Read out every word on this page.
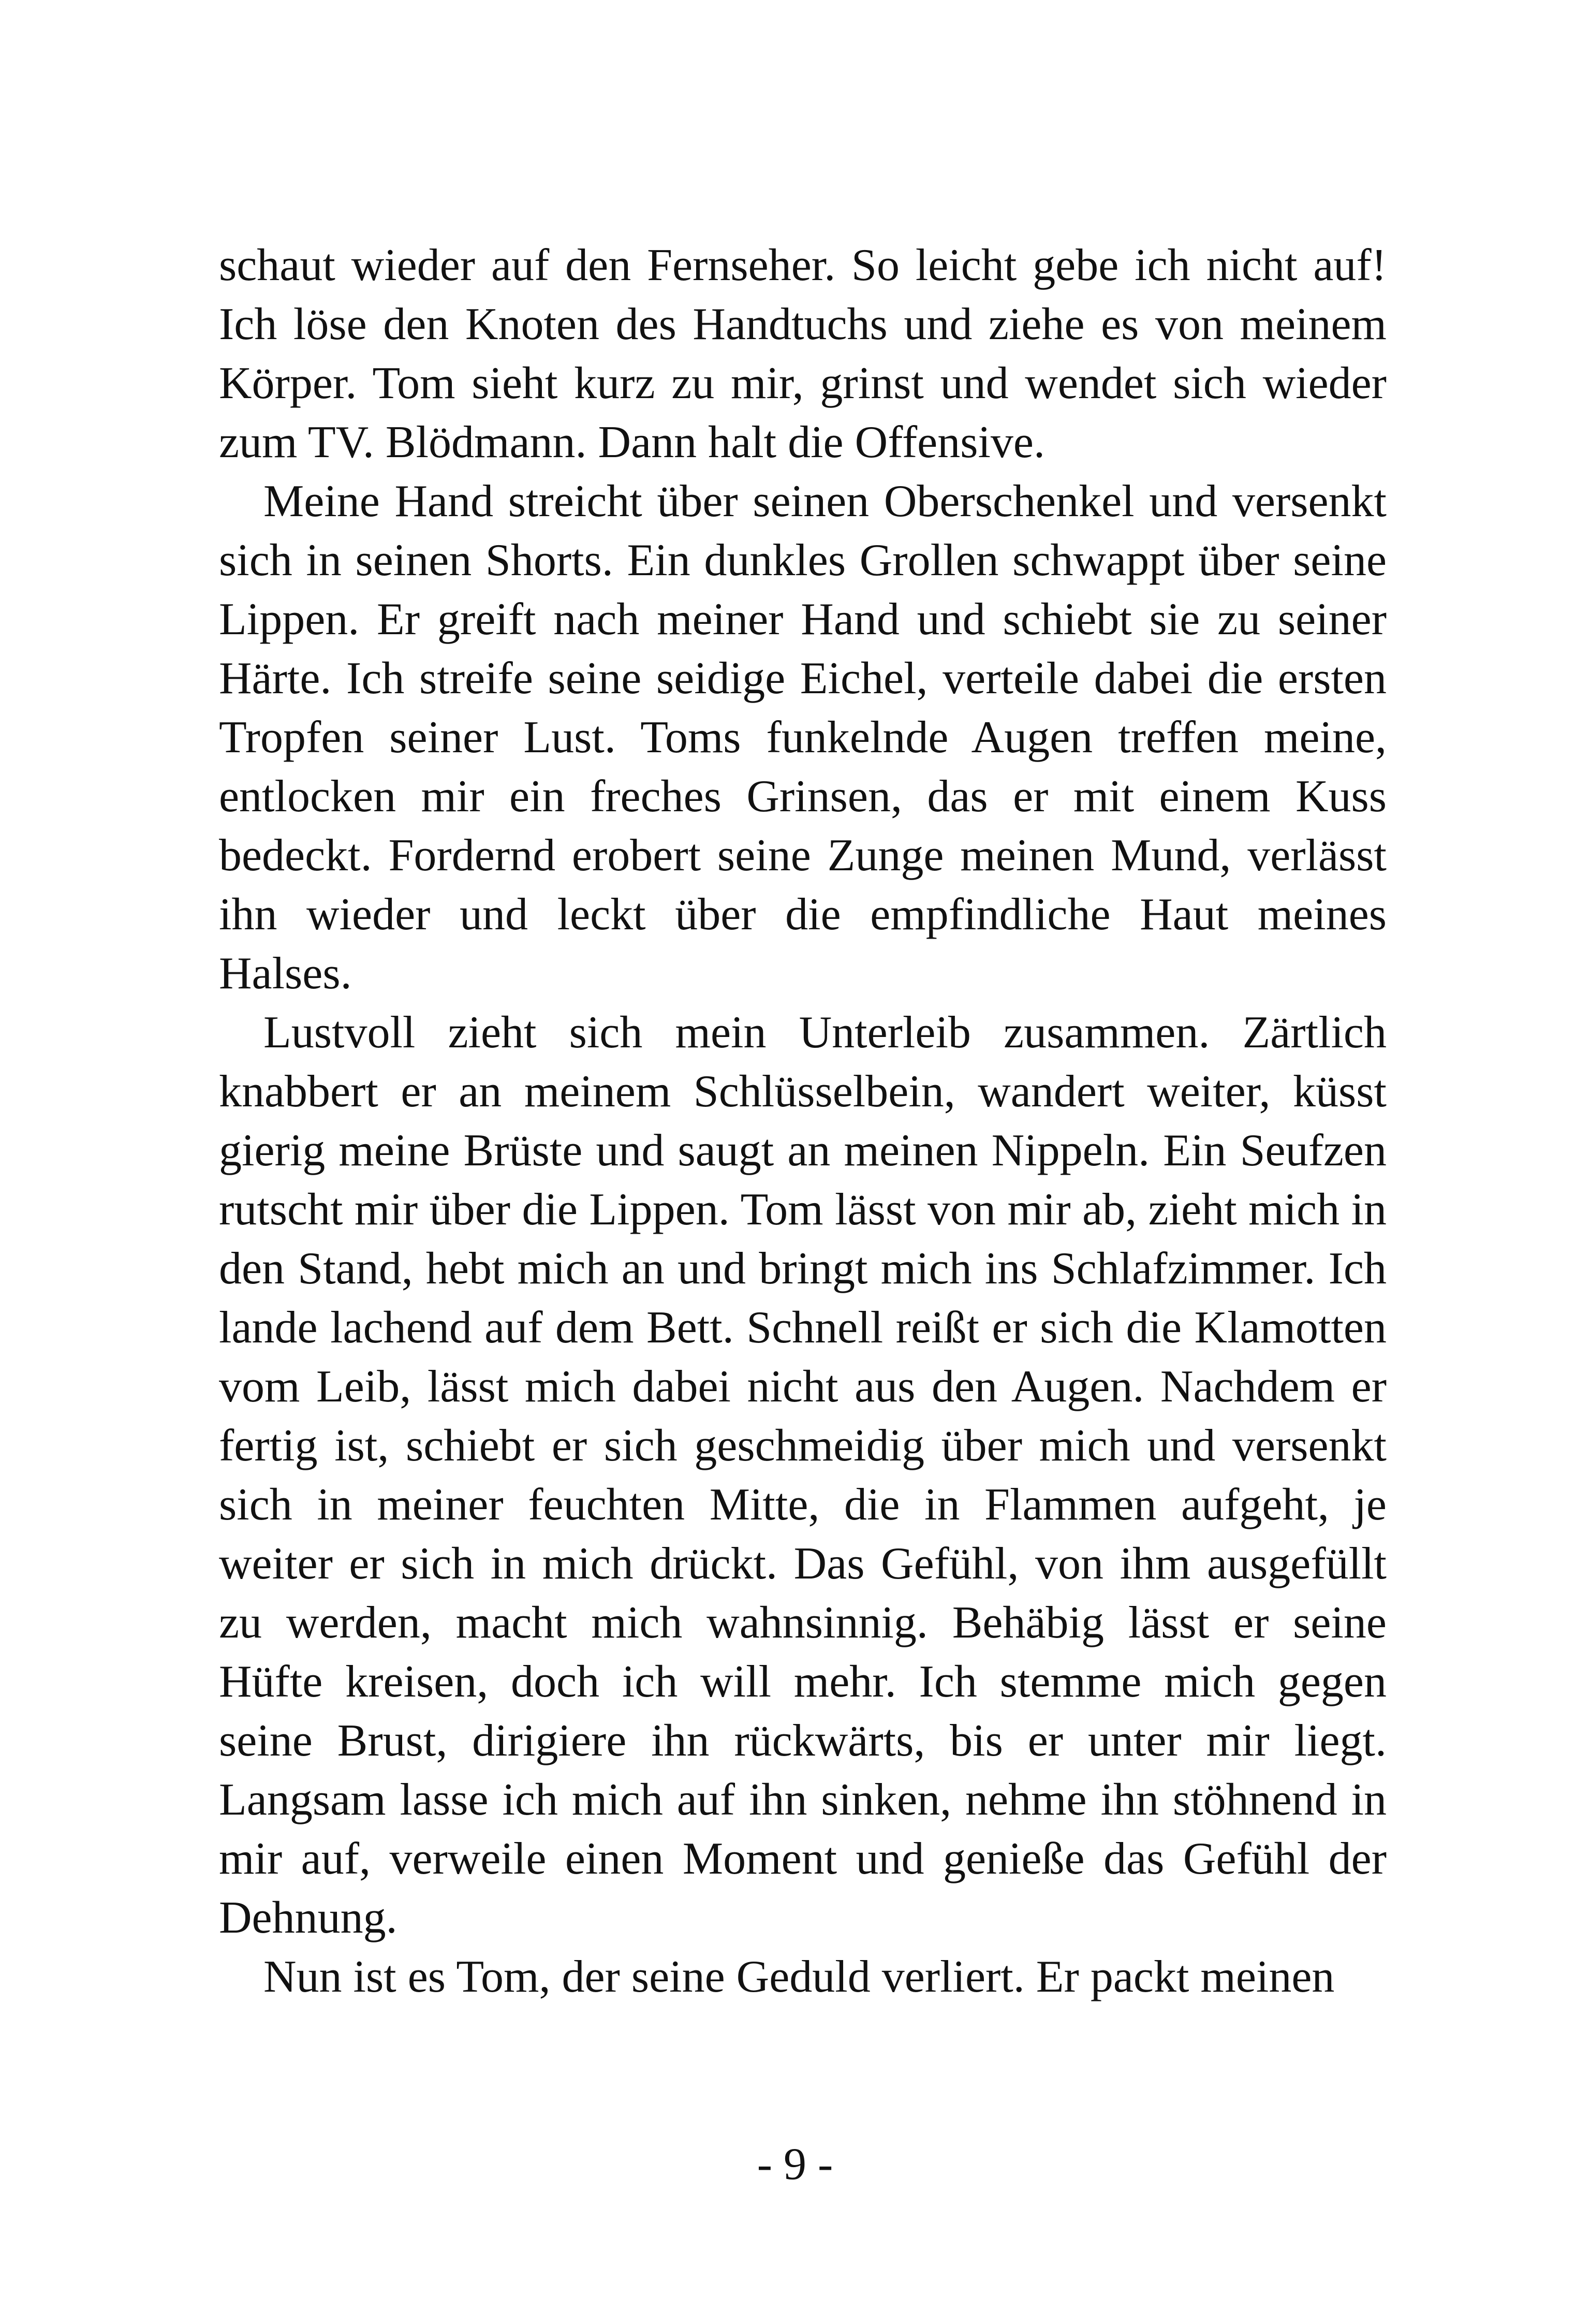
schaut wieder auf den Fernseher. So leicht gebe ich nicht auf! Ich löse den Knoten des Handtuchs und ziehe es von meinem Körper. Tom sieht kurz zu mir, grinst und wendet sich wieder zum TV. Blödmann. Dann halt die Offensive.

Meine Hand streicht über seinen Oberschenkel und versenkt sich in seinen Shorts. Ein dunkles Grollen schwappt über seine Lippen. Er greift nach meiner Hand und schiebt sie zu seiner Härte. Ich streife seine seidige Eichel, verteile dabei die ersten Tropfen seiner Lust. Toms funkelnde Augen treffen meine, entlocken mir ein freches Grinsen, das er mit einem Kuss bedeckt. Fordernd erobert seine Zunge meinen Mund, verlässt ihn wieder und leckt über die empfindliche Haut meines Halses.

Lustvoll zieht sich mein Unterleib zusammen. Zärtlich knabbert er an meinem Schlüsselbein, wandert weiter, küsst gierig meine Brüste und saugt an meinen Nippeln. Ein Seufzen rutscht mir über die Lippen. Tom lässt von mir ab, zieht mich in den Stand, hebt mich an und bringt mich ins Schlafzimmer. Ich lande lachend auf dem Bett. Schnell reißt er sich die Klamotten vom Leib, lässt mich dabei nicht aus den Augen. Nachdem er fertig ist, schiebt er sich geschmeidig über mich und versenkt sich in meiner feuchten Mitte, die in Flammen aufgeht, je weiter er sich in mich drückt. Das Gefühl, von ihm ausgefüllt zu werden, macht mich wahnsinnig. Behäbig lässt er seine Hüfte kreisen, doch ich will mehr. Ich stemme mich gegen seine Brust, dirigiere ihn rückwärts, bis er unter mir liegt. Langsam lasse ich mich auf ihn sinken, nehme ihn stöhnend in mir auf, verweile einen Moment und genieße das Gefühl der Dehnung.

Nun ist es Tom, der seine Geduld verliert. Er packt meinen

- 9 -
